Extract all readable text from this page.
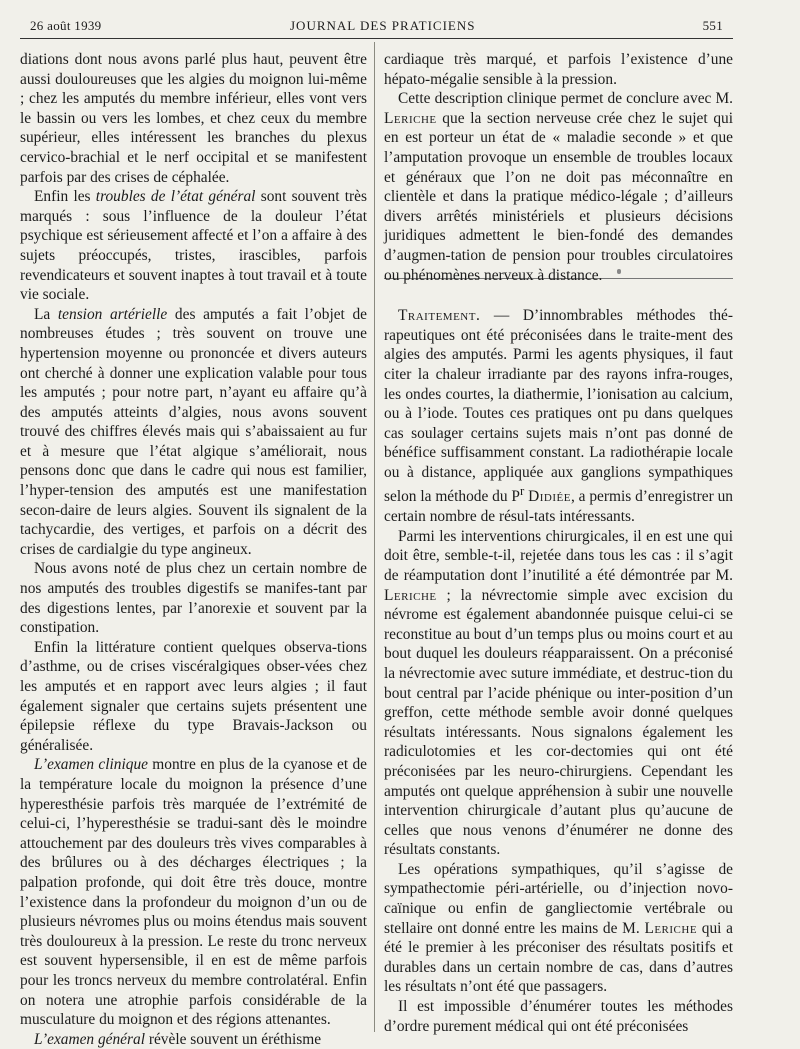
26 août 1939	JOURNAL DES PRATICIENS	551

diations dont nous avons parlé plus haut, peuvent être aussi douloureuses que les algies du moignon lui-même ; chez les amputés du membre inférieur, elles vont vers le bassin ou vers les lombes, et chez ceux du membre supérieur, elles intéressent les branches du plexus cervico-brachial et le nerf occipital et se manifestent parfois par des crises de céphalée.

Enfin les troubles de l’état général sont souvent très marqués : sous l’influence de la douleur l’état psychique est sérieusement affecté et l’on a affaire à des sujets préoccupés, tristes, irascibles, parfois revendicateurs et souvent inaptes à tout travail et à toute vie sociale.

La tension artérielle des amputés a fait l’objet de nombreuses études ; très souvent on trouve une hypertension moyenne ou prononcée et divers auteurs ont cherché à donner une explication valable pour tous les amputés ; pour notre part, n’ayant eu affaire qu’à des amputés atteints d’algies, nous avons souvent trouvé des chiffres élevés mais qui s’abaissaient au fur et à mesure que l’état algique s’améliorait, nous pensons donc que dans le cadre qui nous est familier, l’hyper-tension des amputés est une manifestation secon-daire de leurs algies. Souvent ils signalent de la tachycardie, des vertiges, et parfois on a décrit des crises de cardialgie du type angineux.

Nous avons noté de plus chez un certain nombre de nos amputés des troubles digestifs se manifes-tant par des digestions lentes, par l’anorexie et souvent par la constipation.

Enfin la littérature contient quelques observa-tions d’asthme, ou de crises viscéralgiques obser-vées chez les amputés et en rapport avec leurs algies ; il faut également signaler que certains sujets présentent une épilepsie réflexe du type Bravais-Jackson ou généralisée.

L’examen clinique montre en plus de la cyanose et de la température locale du moignon la présence d’une hyperesthésie parfois très marquée de l’extrémité de celui-ci, l’hyperesthésie se tradui-sant dès le moindre attouchement par des douleurs très vives comparables à des brûlures ou à des décharges électriques ; la palpation profonde, qui doit être très douce, montre l’existence dans la profondeur du moignon d’un ou de plusieurs névromes plus ou moins étendus mais souvent très douloureux à la pression. Le reste du tronc nerveux est souvent hypersensible, il en est de même parfois pour les troncs nerveux du membre controlatéral. Enfin on notera une atrophie parfois considérable de la musculature du moignon et des régions attenantes.

L’examen général révèle souvent un éréthisme

cardiaque très marqué, et parfois l’existence d’une hépato-mégalie sensible à la pression.

Cette description clinique permet de conclure avec M. Leriche que la section nerveuse crée chez le sujet qui en est porteur un état de « maladie seconde » et que l’amputation provoque un ensemble de troubles locaux et généraux que l’on ne doit pas méconnaître en clientèle et dans la pratique médico-légale ; d’ailleurs divers arrêtés ministériels et plusieurs décisions juridiques admettent le bien-fondé des demandes d’augmen-tation de pension pour troubles circulatoires ou phénomènes nerveux à distance.

Traitement. — D’innombrables méthodes thé-rapeutiques ont été préconisées dans le traite-ment des algies des amputés. Parmi les agents physiques, il faut citer la chaleur irradiante par des rayons infra-rouges, les ondes courtes, la diathermie, l’ionisation au calcium, ou à l’iode. Toutes ces pratiques ont pu dans quelques cas soulager certains sujets mais n’ont pas donné de bénéfice suffisamment constant. La radiothérapie locale ou à distance, appliquée aux ganglions sympathiques selon la méthode du $P^r$ Didiée, a permis d’enregistrer un certain nombre de résul-tats intéressants.

Parmi les interventions chirurgicales, il en est une qui doit être, semble-t-il, rejetée dans tous les cas : il s’agit de réamputation dont l’inutilité a été démontrée par M. Leriche ; la névrectomie simple avec excision du névrome est également abandonnée puisque celui-ci se reconstitue au bout d’un temps plus ou moins court et au bout duquel les douleurs réapparaissent. On a préconisé la névrectomie avec suture immédiate, et destruc-tion du bout central par l’acide phénique ou inter-position d’un greffon, cette méthode semble avoir donné quelques résultats intéressants. Nous signalons également les radiculotomies et les cor-dectomies qui ont été préconisées par les neuro-chirurgiens. Cependant les amputés ont quelque appréhension à subir une nouvelle intervention chirurgicale d’autant plus qu’aucune de celles que nous venons d’énumérer ne donne des résultats constants.

Les opérations sympathiques, qu’il s’agisse de sympathectomie péri-artérielle, ou d’injection novo-caïnique ou enfin de gangliectomie vertébrale ou stellaire ont donné entre les mains de M. Leriche qui a été le premier à les préconiser des résultats positifs et durables dans un certain nombre de cas, dans d’autres les résultats n’ont été que passagers.

Il est impossible d’énumérer toutes les méthodes d’ordre purement médical qui ont été préconisées
